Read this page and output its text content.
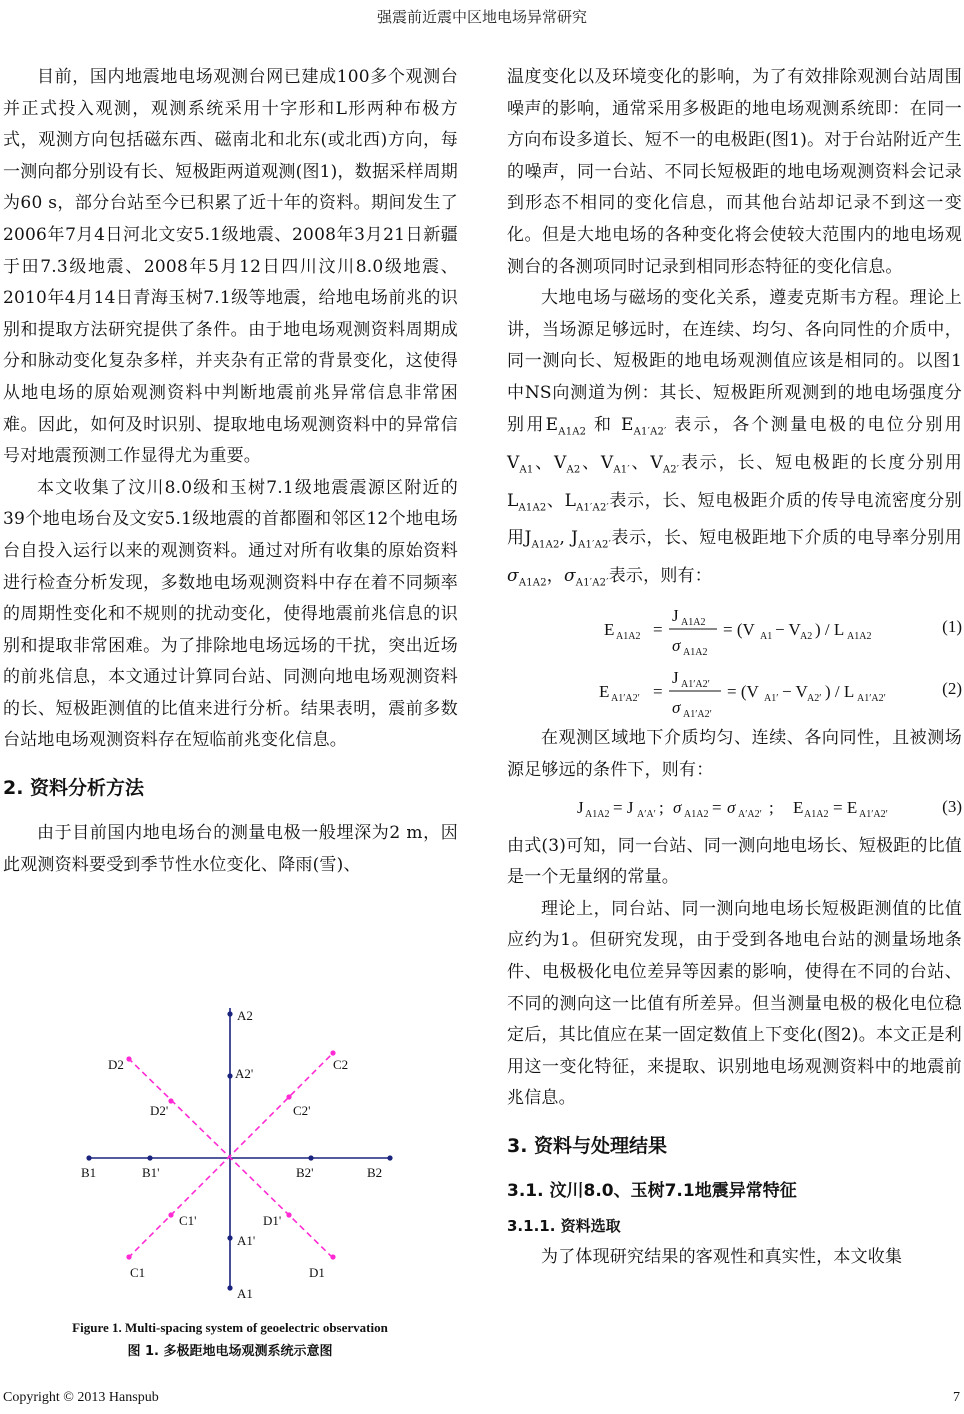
强震前近震中区地电场异常研究

目前，国内地震地电场观测台网已建成100多个观测台并正式投入观测，观测系统采用十字形和L形两种布极方式，观测方向包括磁东西、磁南北和北东(或北西)方向，每一测向都分别设有长、短极距两道观测(图1)，数据采样周期为60 s，部分台站至今已积累了近十年的资料。期间发生了2006年7月4日河北文安5.1级地震、2008年3月21日新疆于田7.3级地震、2008年5月12日四川汶川8.0级地震、2010年4月14日青海玉树7.1级等地震，给地电场前兆的识别和提取方法研究提供了条件。由于地电场观测资料周期成分和脉动变化复杂多样，并夹杂有正常的背景变化，这使得从地电场的原始观测资料中判断地震前兆异常信息非常困难。因此，如何及时识别、提取地电场观测资料中的异常信号对地震预测工作显得尤为重要。

本文收集了汶川8.0级和玉树7.1级地震震源区附近的39个地电场台及文安5.1级地震的首都圈和邻区12个地电场台自投入运行以来的观测资料。通过对所有收集的原始资料进行检查分析发现，多数地电场观测资料中存在着不同频率的周期性变化和不规则的扰动变化，使得地震前兆信息的识别和提取非常困难。为了排除地电场远场的干扰，突出近场的前兆信息，本文通过计算同台站、同测向地电场观测资料的长、短极距测值的比值来进行分析。结果表明，震前多数台站地电场观测资料存在短临前兆变化信息。

2. 资料分析方法

由于目前国内地电场台的测量电极一般埋深为2 m，因此观测资料要受到季节性水位变化、降雨(雪)、

A2
A2'
A1'
A1
B1	B1'	B2'	B2
C2
C2'
C1'
C1
D2
D2'
D1'
D1
Figure 1. Multi-spacing system of geoelectric observation
图 1. 多极距地电场观测系统示意图

温度变化以及环境变化的影响，为了有效排除观测台站周围噪声的影响，通常采用多极距的地电场观测系统即：在同一方向布设多道长、短不一的电极距(图1)。对于台站附近产生的噪声，同一台站、不同长短极距的地电场观测资料会记录到形态不相同的变化信息，而其他台站却记录不到这一变化。但是大地电场的各种变化将会使较大范围内的地电场观测台的各测项同时记录到相同形态特征的变化信息。

大地电场与磁场的变化关系，遵麦克斯韦方程。理论上讲，当场源足够远时，在连续、均匀、各向同性的介质中，同一测向长、短极距的地电场观测值应该是相同的。以图1中NS向测道为例：其长、短极距所观测到的地电场强度分别用$E_{A1A2}$ 和 $E_{A1'A2'}$ 表示，各个测量电极的电位分别用$V_{A1}$、$V_{A2}$、$V_{A1'}$、$V_{A2'}$表示，长、短电极距的长度分别用$L_{A1A2}$、$L_{A1'A2'}$表示，长、短电极距介质的传导电流密度分别用$J_{A1A2}$, $J_{A1'A2'}$表示，长、短电极距地下介质的电导率分别用$\sigma_{A1A2}$，$\sigma_{A1'A2'}$表示，则有：

E A1A2 =
J A1A2
σ A1A2
= (V A1 − V A2 ) / L A1A2
(1)
E A1′A2′ =
J A1′A2′
σ A1′A2′
= (V A1′ − V A2′ ) / L A1′A2′
(2)

在观测区域地下介质均匀、连续、各向同性，且被测场源足够远的条件下，则有：

J A1A2 = J A′A′ ; σ A1A2 = σ A′A2′ ; E A1A2 = E A1′A2′	(3)

由式(3)可知，同一台站、同一测向地电场长、短极距的比值是一个无量纲的常量。

理论上，同台站、同一测向地电场长短极距测值的比值应约为1。但研究发现，由于受到各地电台站的测量场地条件、电极极化电位差异等因素的影响，使得在不同的台站、不同的测向这一比值有所差异。但当测量电极的极化电位稳定后，其比值应在某一固定数值上下变化(图2)。本文正是利用这一变化特征，来提取、识别地电场观测资料中的地震前兆信息。

3. 资料与处理结果
3.1. 汶川8.0、玉树7.1地震异常特征
3.1.1. 资料选取

为了体现研究结果的客观性和真实性，本文收集

Copyright © 2013 Hanspub	7
